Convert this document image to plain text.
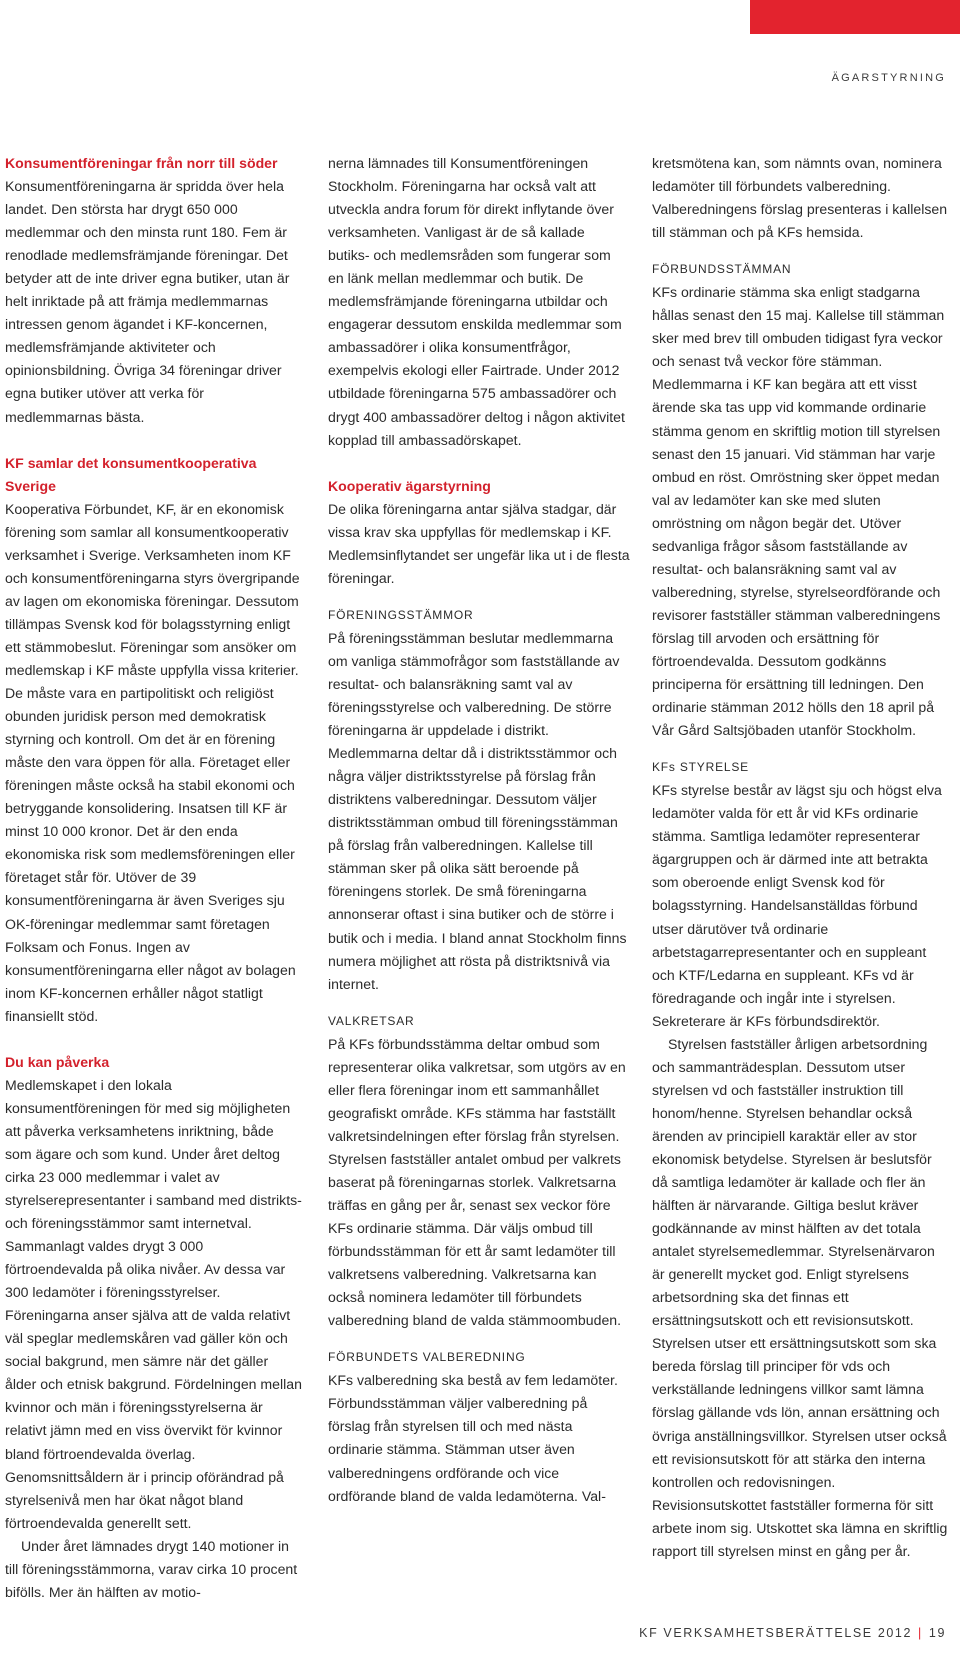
ÄGARSTYRNING
Konsumentföreningar från norr till söder

Konsumentföreningarna är spridda över hela landet. Den största har drygt 650 000 medlemmar och den minsta runt 180. Fem är renodlade medlemsfrämjande föreningar. Det betyder att de inte driver egna butiker, utan är helt inriktade på att främja medlemmarnas intressen genom ägandet i KF-koncernen, medlemsfrämjande aktiviteter och opinionsbildning. Övriga 34 föreningar driver egna butiker utöver att verka för medlemmarnas bästa.

KF samlar det konsumentkooperativa Sverige

Kooperativa Förbundet, KF, är en ekonomisk förening som samlar all konsumentkooperativ verksamhet i Sverige. Verksamheten inom KF och konsumentföreningarna styrs övergripande av lagen om ekonomiska föreningar. Dessutom tillämpas Svensk kod för bolagsstyrning enligt ett stämmobeslut. Föreningar som ansöker om medlemskap i KF måste uppfylla vissa kriterier. De måste vara en partipolitiskt och religiöst obunden juridisk person med demokratisk styrning och kontroll. Om det är en förening måste den vara öppen för alla. Företaget eller föreningen måste också ha stabil ekonomi och betryggande konsolidering. Insatsen till KF är minst 10 000 kronor. Det är den enda ekonomiska risk som medlemsföreningen eller företaget står för. Utöver de 39 konsumentföreningarna är även Sveriges sju OK-föreningar medlemmar samt företagen Folksam och Fonus. Ingen av konsumentföreningarna eller något av bolagen inom KF-koncernen erhåller något statligt finansiellt stöd.

Du kan påverka

Medlemskapet i den lokala konsumentföreningen för med sig möjligheten att påverka verksamhetens inriktning, både som ägare och som kund. Under året deltog cirka 23 000 medlemmar i valet av styrelserepresentanter i samband med distrikts- och föreningsstämmor samt internetval. Sammanlagt valdes drygt 3 000 förtroendevalda på olika nivåer. Av dessa var 300 ledamöter i föreningsstyrelser. Föreningarna anser själva att de valda relativt väl speglar medlemskåren vad gäller kön och social bakgrund, men sämre när det gäller ålder och etnisk bakgrund. Fördelningen mellan kvinnor och män i föreningsstyrelserna är relativt jämn med en viss övervikt för kvinnor bland förtroendevalda överlag. Genomsnittsåldern är i princip oförändrad på styrelsenivå men har ökat något bland förtroendevalda generellt sett.

Under året lämnades drygt 140 motioner in till föreningsstämmorna, varav cirka 10 procent bifölls. Mer än hälften av motio-

nerna lämnades till Konsumentföreningen Stockholm. Föreningarna har också valt att utveckla andra forum för direkt inflytande över verksamheten. Vanligast är de så kallade butiks- och medlemsråden som fungerar som en länk mellan medlemmar och butik. De medlemsfrämjande föreningarna utbildar och engagerar dessutom enskilda medlemmar som ambassadörer i olika konsumentfrågor, exempelvis ekologi eller Fairtrade. Under 2012 utbildade föreningarna 575 ambassadörer och drygt 400 ambassadörer deltog i någon aktivitet kopplad till ambassadörskapet.

Kooperativ ägarstyrning

De olika föreningarna antar själva stadgar, där vissa krav ska uppfyllas för medlemskap i KF. Medlemsinflytandet ser ungefär lika ut i de flesta föreningar.

FÖRENINGSSTÄMMOR

På föreningsstämman beslutar medlemmarna om vanliga stämmofrågor som fastställande av resultat- och balansräkning samt val av föreningsstyrelse och valberedning. De större föreningarna är uppdelade i distrikt. Medlemmarna deltar då i distriktsstämmor och några väljer distriktsstyrelse på förslag från distriktens valberedningar. Dessutom väljer distriktsstämman ombud till föreningsstämman på förslag från valberedningen. Kallelse till stämman sker på olika sätt beroende på föreningens storlek. De små föreningarna annonserar oftast i sina butiker och de större i butik och i media. I bland annat Stockholm finns numera möjlighet att rösta på distriktsnivå via internet.

VALKRETSAR

På KFs förbundsstämma deltar ombud som representerar olika valkretsar, som utgörs av en eller flera föreningar inom ett sammanhållet geografiskt område. KFs stämma har fastställt valkretsindelningen efter förslag från styrelsen. Styrelsen fastställer antalet ombud per valkrets baserat på föreningarnas storlek. Valkretsarna träffas en gång per år, senast sex veckor före KFs ordinarie stämma. Där väljs ombud till förbundsstämman för ett år samt ledamöter till valkretsens valberedning. Valkretsarna kan också nominera ledamöter till förbundets valberedning bland de valda stämmoombuden.

FÖRBUNDETS VALBEREDNING

KFs valberedning ska bestå av fem ledamöter. Förbundsstämman väljer valberedning på förslag från styrelsen till och med nästa ordinarie stämma. Stämman utser även valberedningens ordförande och vice ordförande bland de valda ledamöterna. Val-

kretsmötena kan, som nämnts ovan, nominera ledamöter till förbundets valberedning. Valberedningens förslag presenteras i kallelsen till stämman och på KFs hemsida.

FÖRBUNDSSTÄMMAN

KFs ordinarie stämma ska enligt stadgarna hållas senast den 15 maj. Kallelse till stämman sker med brev till ombuden tidigast fyra veckor och senast två veckor före stämman. Medlemmarna i KF kan begära att ett visst ärende ska tas upp vid kommande ordinarie stämma genom en skriftlig motion till styrelsen senast den 15 januari. Vid stämman har varje ombud en röst. Omröstning sker öppet medan val av ledamöter kan ske med sluten omröstning om någon begär det. Utöver sedvanliga frågor såsom fastställande av resultat- och balansräkning samt val av valberedning, styrelse, styrelseordförande och revisorer fastställer stämman valberedningens förslag till arvoden och ersättning för förtroendevalda. Dessutom godkänns principerna för ersättning till ledningen. Den ordinarie stämman 2012 hölls den 18 april på Vår Gård Saltsjöbaden utanför Stockholm.

KFs STYRELSE

KFs styrelse består av lägst sju och högst elva ledamöter valda för ett år vid KFs ordinarie stämma. Samtliga ledamöter representerar ägargruppen och är därmed inte att betrakta som oberoende enligt Svensk kod för bolagsstyrning. Handelsanställdas förbund utser därutöver två ordinarie arbetstagarrepresentanter och en suppleant och KTF/Ledarna en suppleant. KFs vd är föredragande och ingår inte i styrelsen. Sekreterare är KFs förbundsdirektör.

Styrelsen fastställer årligen arbetsordning och sammanträdesplan. Dessutom utser styrelsen vd och fastställer instruktion till honom/henne. Styrelsen behandlar också ärenden av principiell karaktär eller av stor ekonomisk betydelse. Styrelsen är beslutsför då samtliga ledamöter är kallade och fler än hälften är närvarande. Giltiga beslut kräver godkännande av minst hälften av det totala antalet styrelsemedlemmar. Styrelsenärvaron är generellt mycket god. Enligt styrelsens arbetsordning ska det finnas ett ersättningsutskott och ett revisionsutskott. Styrelsen utser ett ersättningsutskott som ska bereda förslag till principer för vds och verkställande ledningens villkor samt lämna förslag gällande vds lön, annan ersättning och övriga anställningsvillkor. Styrelsen utser också ett revisionsutskott för att stärka den interna kontrollen och redovisningen. Revisionsutskottet fastställer formerna för sitt arbete inom sig. Utskottet ska lämna en skriftlig rapport till styrelsen minst en gång per år.

KF VERKSAMHETSBERÄTTELSE 2012 | 19
